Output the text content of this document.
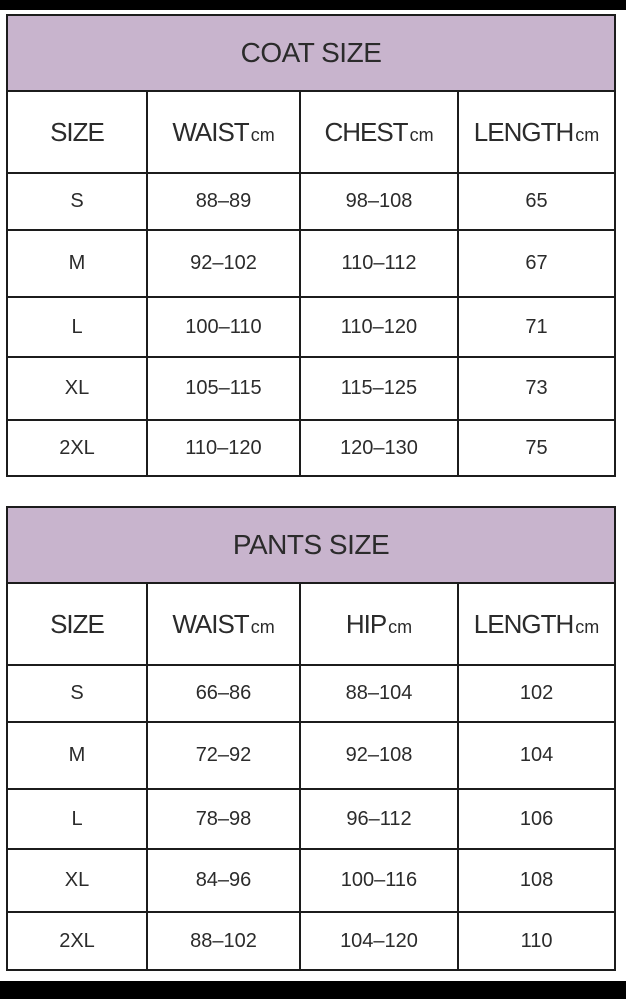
COAT SIZE			
SIZE	WAIST cm	CHEST cm	LENGTH cm
S	88–89	98–108	65
M	92–102	110–112	67
L	100–110	110–120	71
XL	105–115	115–125	73
2XL	110–120	120–130	75
PANTS SIZE			
SIZE	WAIST cm	HIP cm	LENGTH cm
S	66–86	88–104	102
M	72–92	92–108	104
L	78–98	96–112	106
XL	84–96	100–116	108
2XL	88–102	104–120	110
